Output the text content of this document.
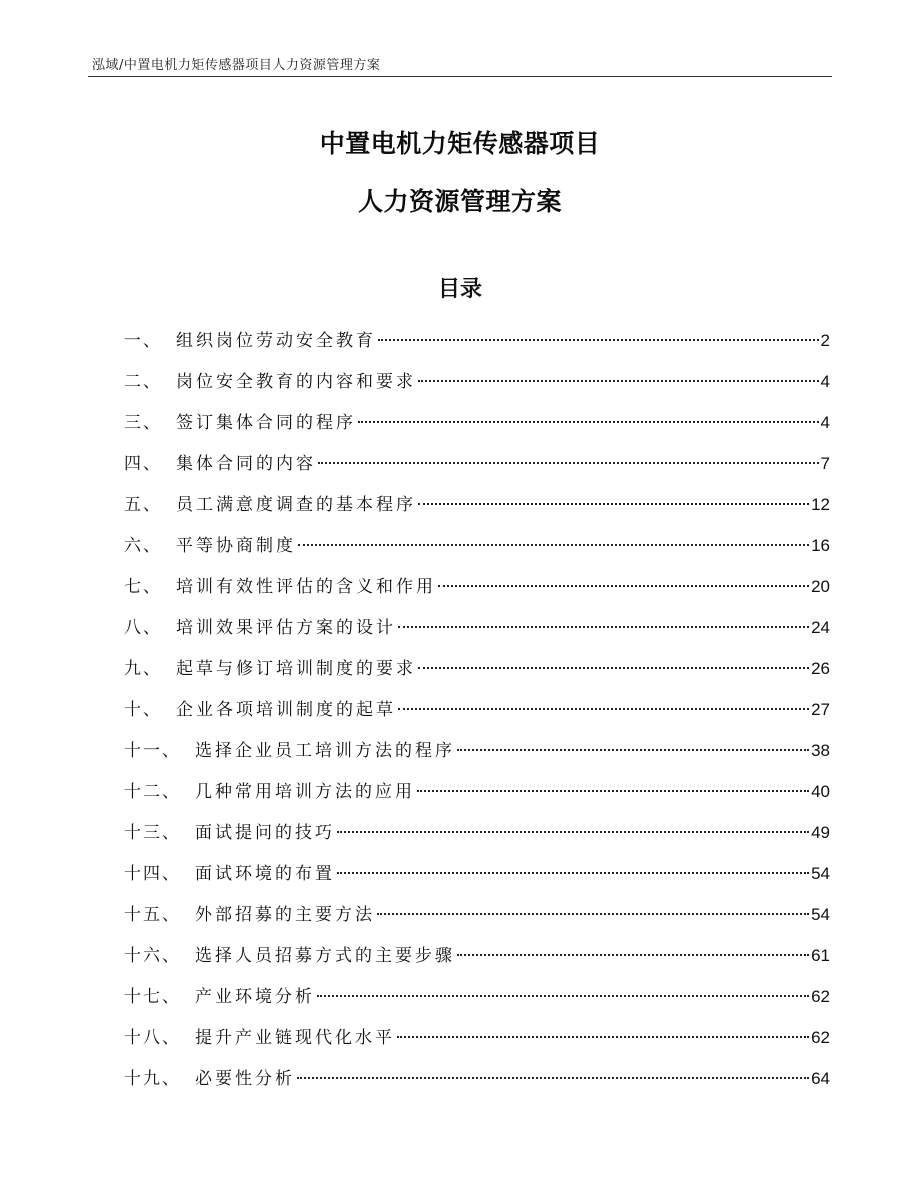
泓域/中置电机力矩传感器项目人力资源管理方案
中置电机力矩传感器项目
人力资源管理方案
目录
一 、 组织岗位劳动安全教育	2
二 、 岗位安全教育的内容和要求	4
三 、 签订集体合同的程序	4
四 、 集体合同的内容	7
五 、 员工满意度调查的基本程序	12
六 、 平等协商制度	16
七 、 培训有效性评估的含义和作用	20
八 、 培训效果评估方案的设计	24
九 、 起草与修订培训制度的要求	26
十 、 企业各项培训制度的起草	27
十一 、 选择企业员工培训方法的程序	38
十二 、 几种常用培训方法的应用	40
十三 、 面试提问的技巧	49
十四 、 面试环境的布置	54
十五 、 外部招募的主要方法	54
十六 、 选择人员招募方式的主要步骤	61
十七 、 产业环境分析	62
十八 、 提升产业链现代化水平	62
十九 、 必要性分析	64
